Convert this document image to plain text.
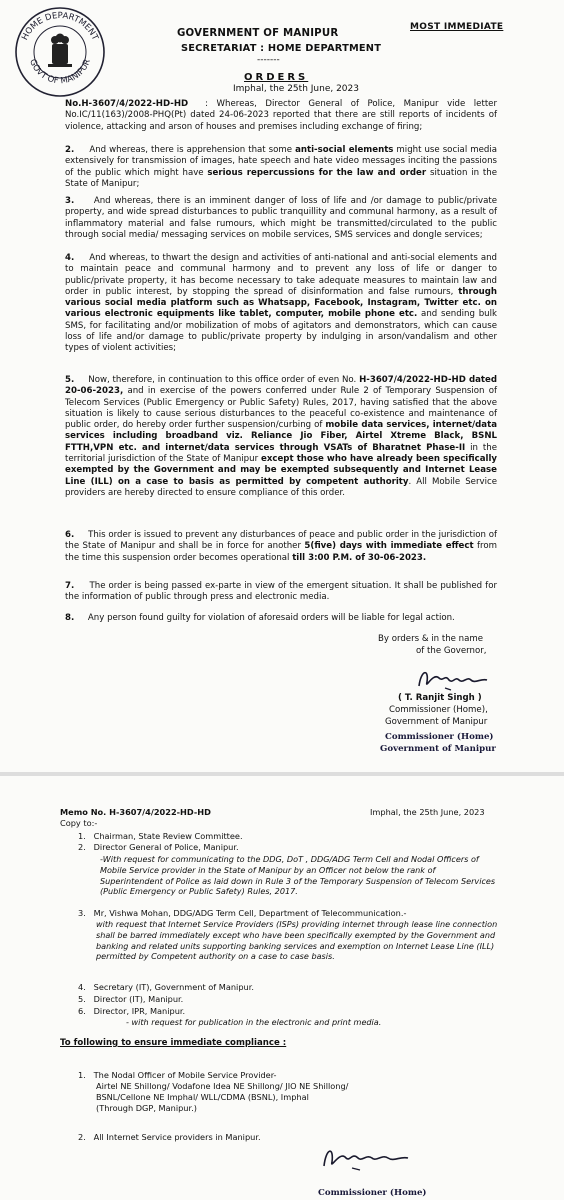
HOME DEPARTMENT
GOVT OF MANIPUR
GOVERNMENT OF MANIPUR
SECRETARIAT : HOME DEPARTMENT
-------
MOST IMMEDIATE
ORDERS
Imphal, the 25th June, 2023
No.H-3607/4/2022-HD-HD : Whereas, Director General of Police, Manipur vide letter No.IC/11(163)/2008-PHQ(Pt) dated 24-06-2023 reported that there are still reports of incidents of violence, attacking and arson of houses and premises including exchange of firing;
2. And whereas, there is apprehension that some anti-social elements might use social media extensively for transmission of images, hate speech and hate video messages inciting the passions of the public which might have serious repercussions for the law and order situation in the State of Manipur;
3. And whereas, there is an imminent danger of loss of life and /or damage to public/private property, and wide spread disturbances to public tranquillity and communal harmony, as a result of inflammatory material and false rumours, which might be transmitted/circulated to the public through social media/ messaging services on mobile services, SMS services and dongle services;
4. And whereas, to thwart the design and activities of anti-national and anti-social elements and to maintain peace and communal harmony and to prevent any loss of life or danger to public/private property, it has become necessary to take adequate measures to maintain law and order in public interest, by stopping the spread of disinformation and false rumours, through various social media platform such as Whatsapp, Facebook, Instagram, Twitter etc. on various electronic equipments like tablet, computer, mobile phone etc. and sending bulk SMS, for facilitating and/or mobilization of mobs of agitators and demonstrators, which can cause loss of life and/or damage to public/private property by indulging in arson/vandalism and other types of violent activities;
5. Now, therefore, in continuation to this office order of even No. H-3607/4/2022-HD-HD dated 20-06-2023, and in exercise of the powers conferred under Rule 2 of Temporary Suspension of Telecom Services (Public Emergency or Public Safety) Rules, 2017, having satisfied that the above situation is likely to cause serious disturbances to the peaceful co-existence and maintenance of public order, do hereby order further suspension/curbing of mobile data services, internet/data services including broadband viz. Reliance Jio Fiber, Airtel Xtreme Black, BSNL FTTH,VPN etc. and internet/data services through VSATs of Bharatnet Phase-II in the territorial jurisdiction of the State of Manipur except those who have already been specifically exempted by the Government and may be exempted subsequently and Internet Lease Line (ILL) on a case to basis as permitted by competent authority. All Mobile Service providers are hereby directed to ensure compliance of this order.
6. This order is issued to prevent any disturbances of peace and public order in the jurisdiction of the State of Manipur and shall be in force for another 5(five) days with immediate effect from the time this suspension order becomes operational till 3:00 P.M. of 30-06-2023.
7. The order is being passed ex-parte in view of the emergent situation. It shall be published for the information of public through press and electronic media.
8. Any person found guilty for violation of aforesaid orders will be liable for legal action.
By orders & in the name
of the Governor,
( T. Ranjit Singh )
Commissioner (Home),
Government of Manipur
Commissioner (Home)
Government of Manipur
Memo No. H-3607/4/2022-HD-HD	Imphal, the 25th June, 2023
Copy to:-
1. Chairman, State Review Committee.
2. Director General of Police, Manipur.
-With request for communicating to the DDG, DoT , DDG/ADG Term Cell and Nodal Officers of Mobile Service provider in the State of Manipur by an Officer not below the rank of Superintendent of Police as laid down in Rule 3 of the Temporary Suspension of Telecom Services (Public Emergency or Public Safety) Rules, 2017.
3. Mr, Vishwa Mohan, DDG/ADG Term Cell, Department of Telecommunication.-
with request that Internet Service Providers (ISPs) providing internet through lease line connection shall be barred immediately except who have been specifically exempted by the Government and banking and related units supporting banking services and exemption on Internet Lease Line (ILL) permitted by Competent authority on a case to case basis.
4. Secretary (IT), Government of Manipur.
5. Director (IT), Manipur.
6. Director, IPR, Manipur.
- with request for publication in the electronic and print media.
To following to ensure immediate compliance :
1. The Nodal Officer of Mobile Service Provider-
Airtel NE Shillong/ Vodafone Idea NE Shillong/ JIO NE Shillong/
BSNL/Cellone NE Imphal/ WLL/CDMA (BSNL), Imphal
(Through DGP, Manipur.)
2. All Internet Service providers in Manipur.
Commissioner (Home)
